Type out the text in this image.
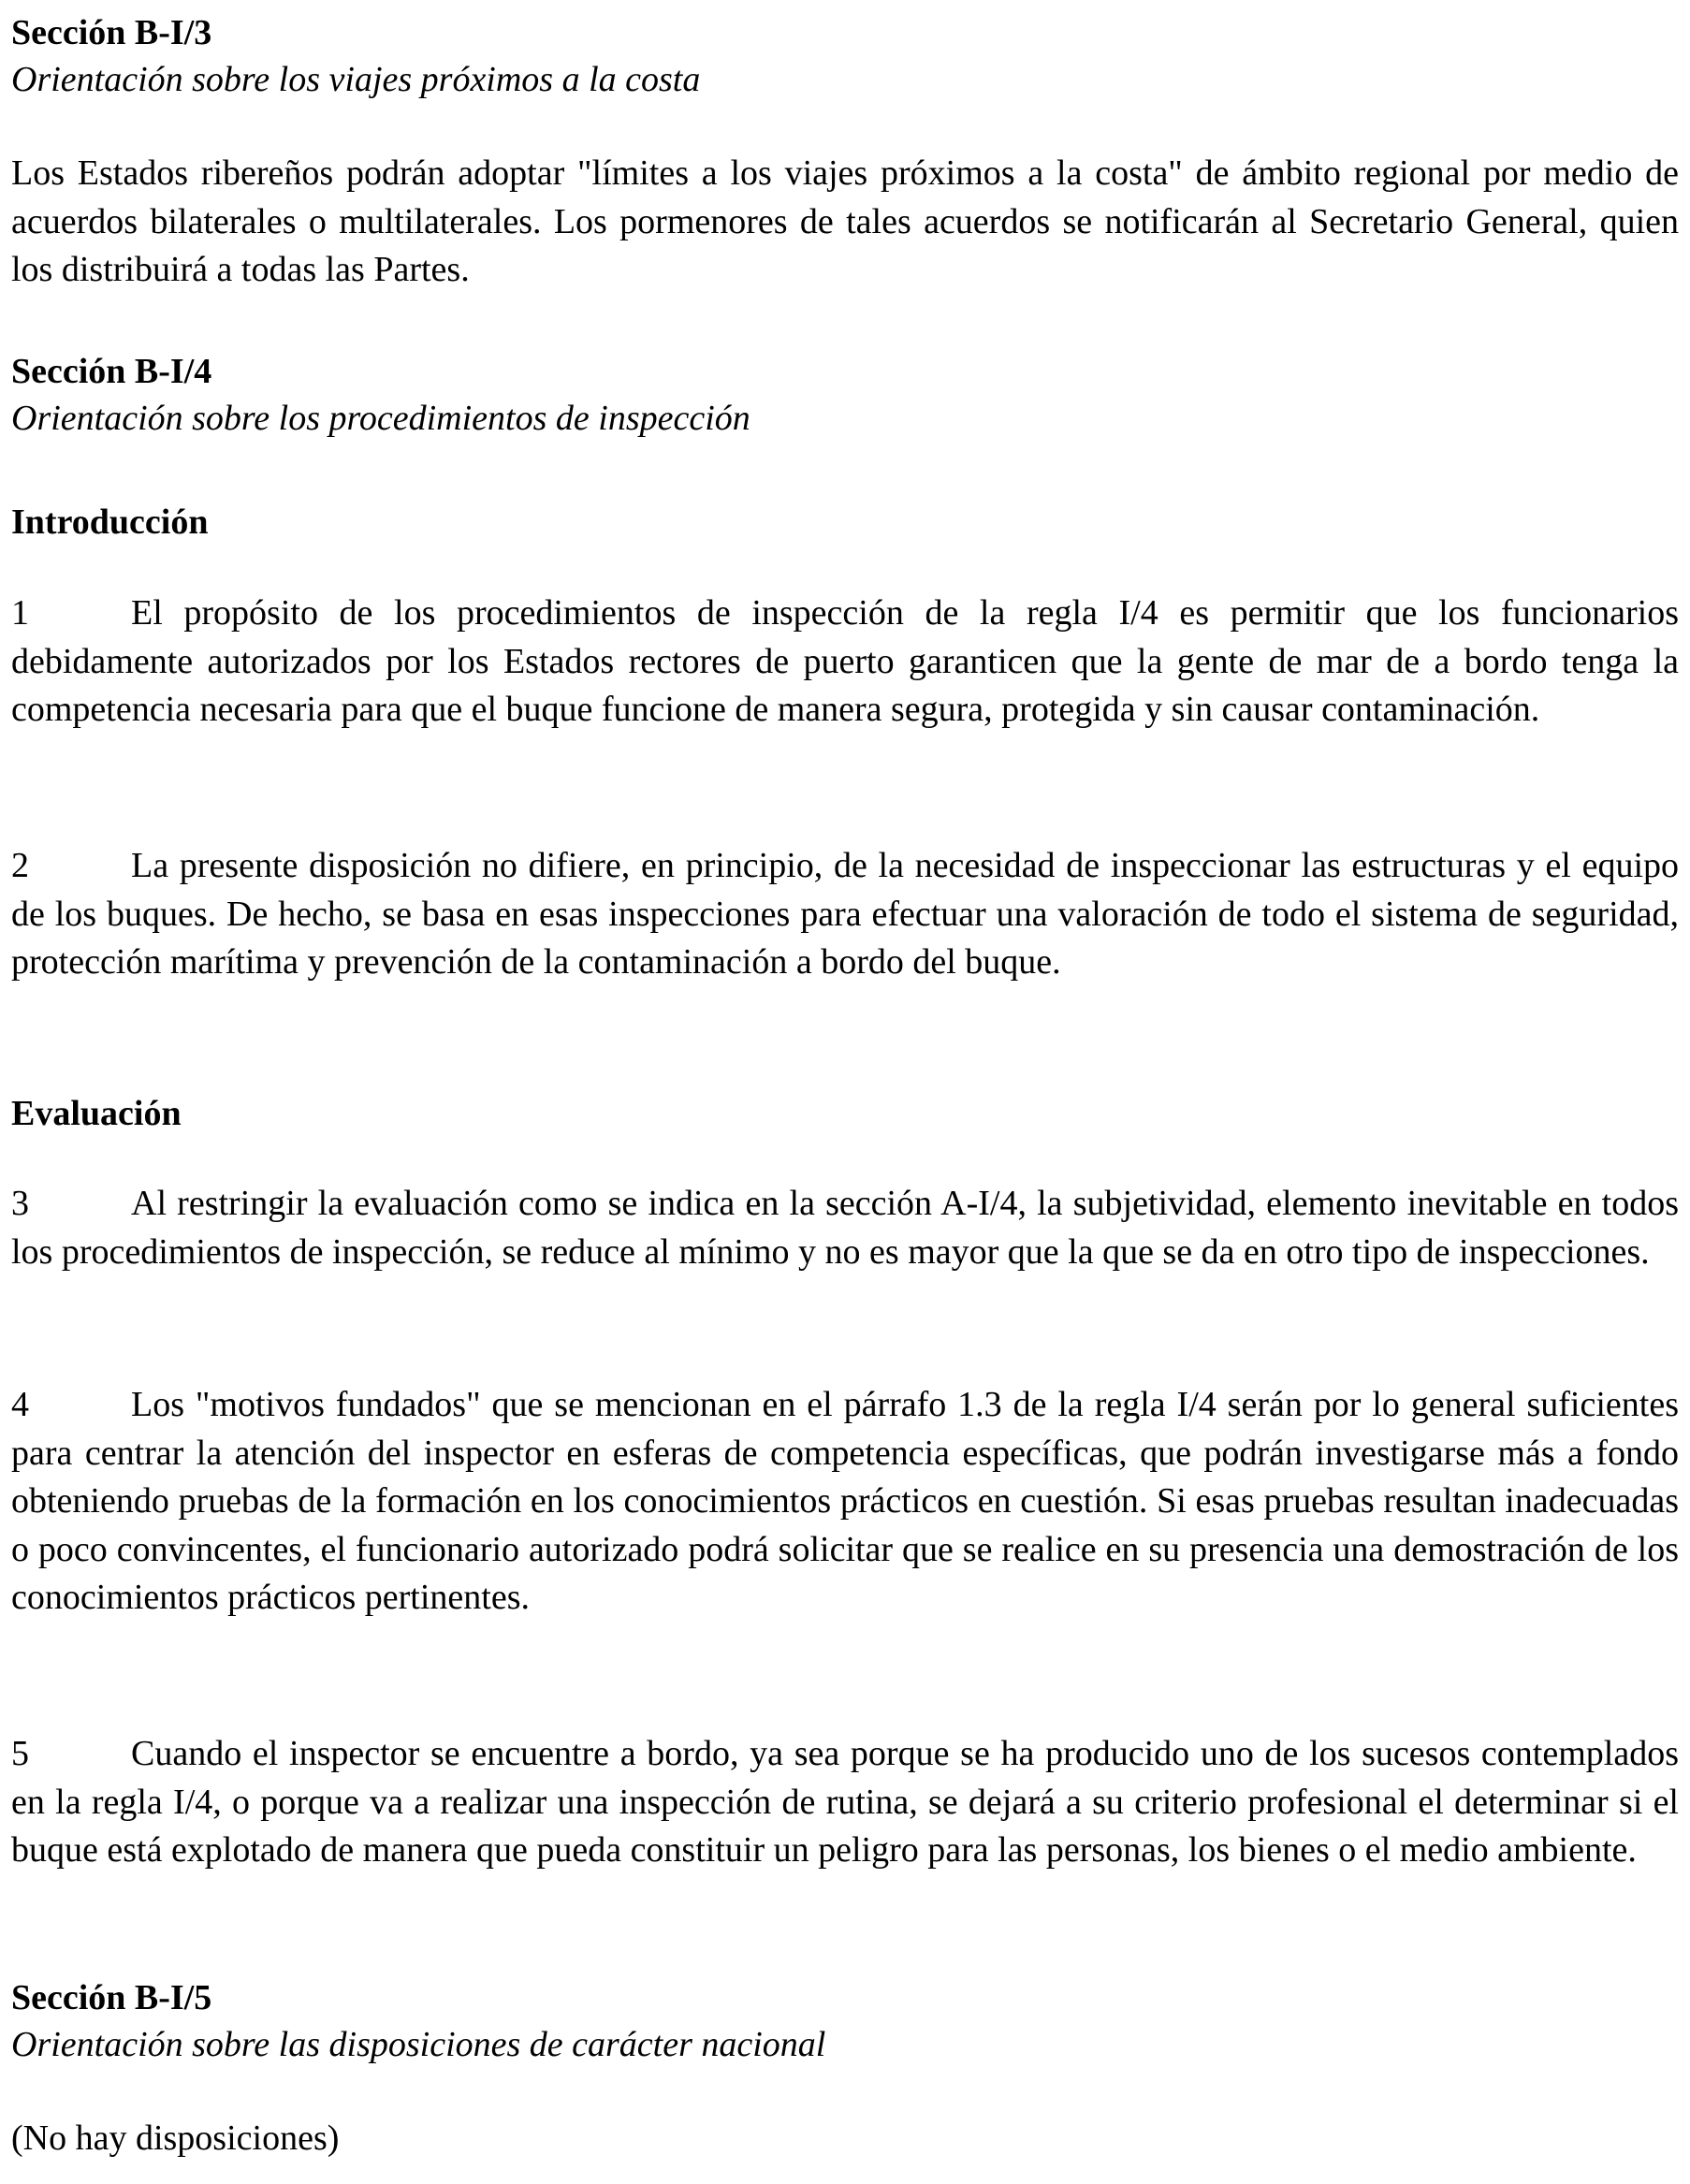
Sección B-I/3

Orientación sobre los viajes próximos a la costa

Los Estados ribereños podrán adoptar "límites a los viajes próximos a la costa" de ámbito regional por medio de acuerdos bilaterales o multilaterales. Los pormenores de tales acuerdos se notificarán al Secretario General, quien los distribuirá a todas las Partes.

Sección B-I/4

Orientación sobre los procedimientos de inspección

Introducción

1	El propósito de los procedimientos de inspección de la regla I/4 es permitir que los funcionarios debidamente autorizados por los Estados rectores de puerto garanticen que la gente de mar de a bordo tenga la competencia necesaria para que el buque funcione de manera segura, protegida y sin causar contaminación.

2	La presente disposición no difiere, en principio, de la necesidad de inspeccionar las estructuras y el equipo de los buques. De hecho, se basa en esas inspecciones para efectuar una valoración de todo el sistema de seguridad, protección marítima y prevención de la contaminación a bordo del buque.

Evaluación

3	Al restringir la evaluación como se indica en la sección A-I/4, la subjetividad, elemento inevitable en todos los procedimientos de inspección, se reduce al mínimo y no es mayor que la que se da en otro tipo de inspecciones.

4	Los "motivos fundados" que se mencionan en el párrafo 1.3 de la regla I/4 serán por lo general suficientes para centrar la atención del inspector en esferas de competencia específicas, que podrán investigarse más a fondo obteniendo pruebas de la formación en los conocimientos prácticos en cuestión. Si esas pruebas resultan inadecuadas o poco convincentes, el funcionario autorizado podrá solicitar que se realice en su presencia una demostración de los conocimientos prácticos pertinentes.

5	Cuando el inspector se encuentre a bordo, ya sea porque se ha producido uno de los sucesos contemplados en la regla I/4, o porque va a realizar una inspección de rutina, se dejará a su criterio profesional el determinar si el buque está explotado de manera que pueda constituir un peligro para las personas, los bienes o el medio ambiente.

Sección B-I/5

Orientación sobre las disposiciones de carácter nacional

(No hay disposiciones)
